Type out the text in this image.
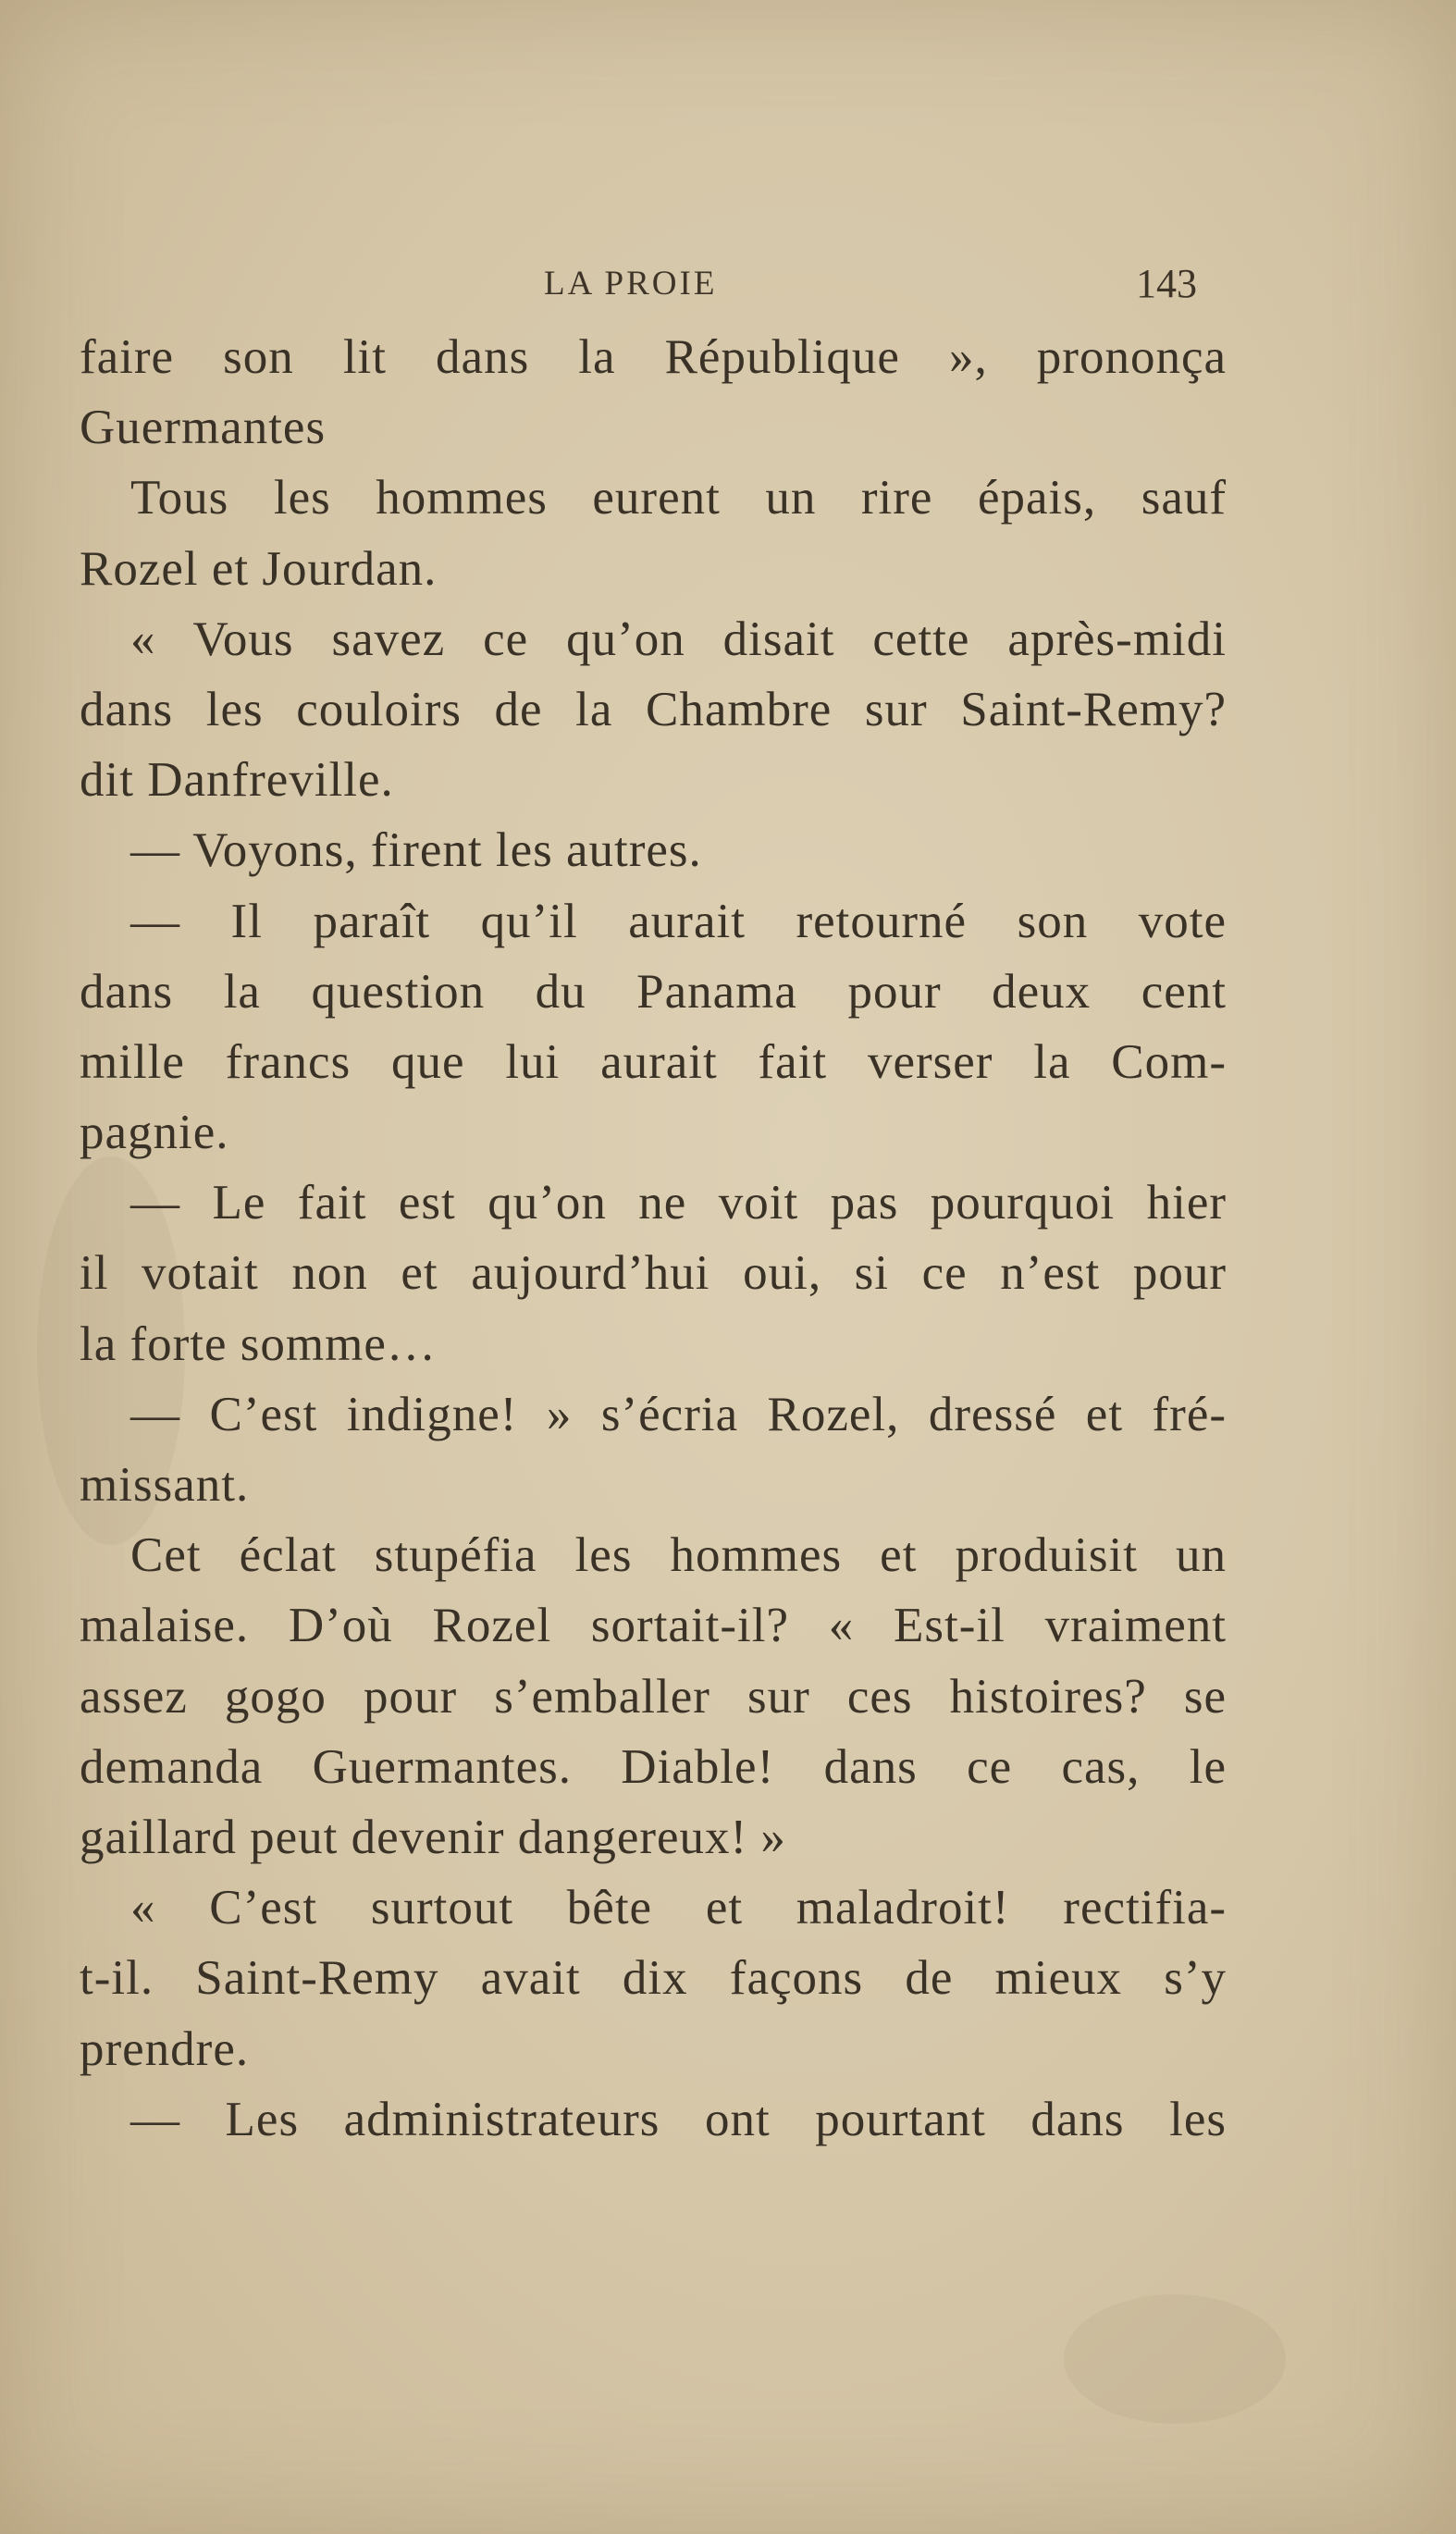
LA PROIE	143
faire son lit dans la République », prononça
Guermantes
Tous les hommes eurent un rire épais, sauf
Rozel et Jourdan.
« Vous savez ce qu’on disait cette après-midi
dans les couloirs de la Chambre sur Saint-Remy?
dit Danfreville.
— Voyons, firent les autres.
— Il paraît qu’il aurait retourné son vote
dans la question du Panama pour deux cent
mille francs que lui aurait fait verser la Com-
pagnie.
— Le fait est qu’on ne voit pas pourquoi hier
il votait non et aujourd’hui oui, si ce n’est pour
la forte somme…
— C’est indigne! » s’écria Rozel, dressé et fré-
missant.
Cet éclat stupéfia les hommes et produisit un
malaise. D’où Rozel sortait-il? « Est-il vraiment
assez gogo pour s’emballer sur ces histoires? se
demanda Guermantes. Diable! dans ce cas, le
gaillard peut devenir dangereux! »
« C’est surtout bête et maladroit! rectifia-
t-il. Saint-Remy avait dix façons de mieux s’y
prendre.
— Les administrateurs ont pourtant dans les
